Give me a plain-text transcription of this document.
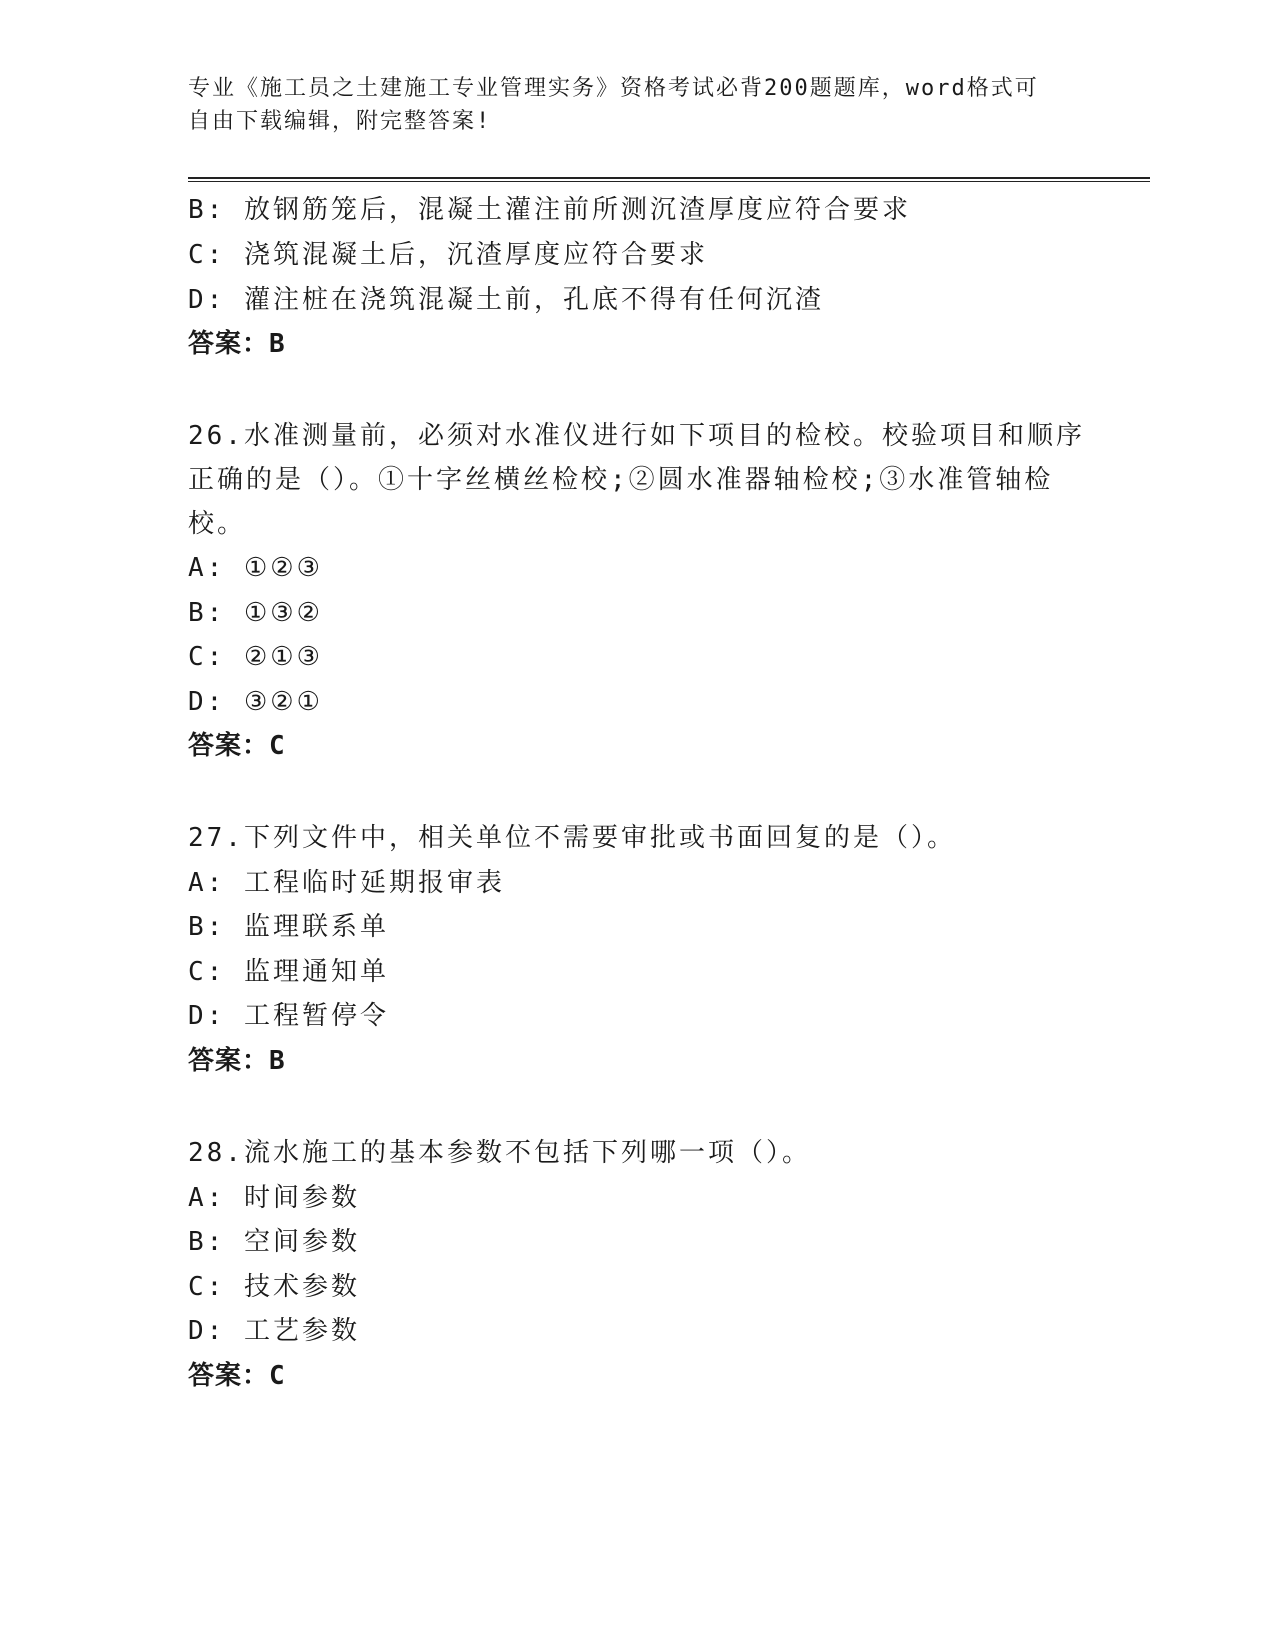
专业《施工员之土建施工专业管理实务》资格考试必背200题题库，word格式可
自由下载编辑，附完整答案!
B: 放钢筋笼后，混凝土灌注前所测沉渣厚度应符合要求
C: 浇筑混凝土后，沉渣厚度应符合要求
D: 灌注桩在浇筑混凝土前，孔底不得有任何沉渣
答案：B
26.水准测量前，必须对水准仪进行如下项目的检校。校验项目和顺序
正确的是（）。①十字丝横丝检校;②圆水准器轴检校;③水准管轴检
校。
A: ①②③
B: ①③②
C: ②①③
D: ③②①
答案：C
27.下列文件中，相关单位不需要审批或书面回复的是（）。
A: 工程临时延期报审表
B: 监理联系单
C: 监理通知单
D: 工程暂停令
答案：B
28.流水施工的基本参数不包括下列哪一项（）。
A: 时间参数
B: 空间参数
C: 技术参数
D: 工艺参数
答案：C
